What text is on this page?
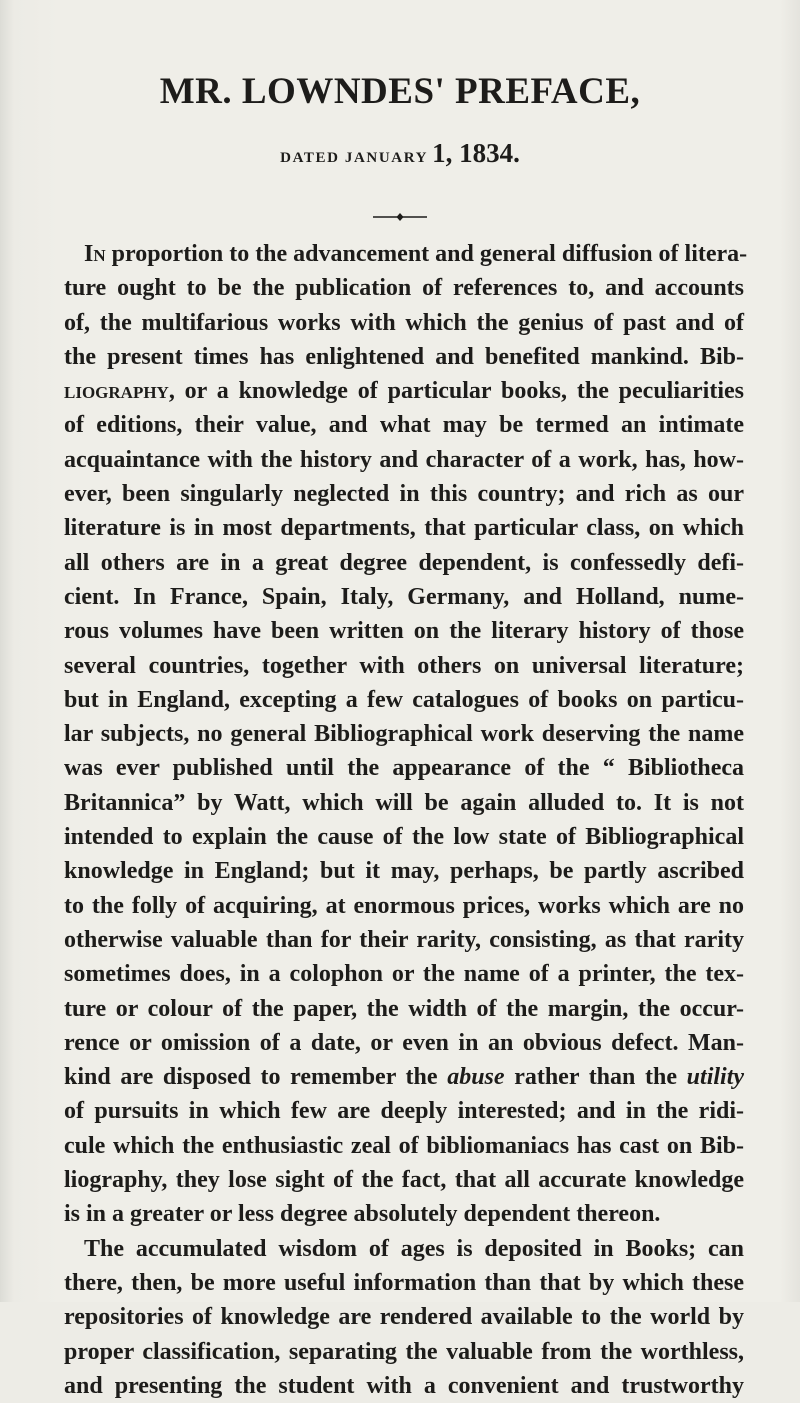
MR. LOWNDES' PREFACE,

DATED JANUARY 1, 1834.

In proportion to the advancement and general diffusion of litera-
ture ought to be the publication of references to, and accounts
of, the multifarious works with which the genius of past and of
the present times has enlightened and benefited mankind. Bib-
liography, or a knowledge of particular books, the peculiarities
of editions, their value, and what may be termed an intimate
acquaintance with the history and character of a work, has, how-
ever, been singularly neglected in this country; and rich as our
literature is in most departments, that particular class, on which
all others are in a great degree dependent, is confessedly defi-
cient. In France, Spain, Italy, Germany, and Holland, nume-
rous volumes have been written on the literary history of those
several countries, together with others on universal literature;
but in England, excepting a few catalogues of books on particu-
lar subjects, no general Bibliographical work deserving the name
was ever published until the appearance of the “ Bibliotheca
Britannica” by Watt, which will be again alluded to. It is not
intended to explain the cause of the low state of Bibliographical
knowledge in England; but it may, perhaps, be partly ascribed
to the folly of acquiring, at enormous prices, works which are no
otherwise valuable than for their rarity, consisting, as that rarity
sometimes does, in a colophon or the name of a printer, the tex-
ture or colour of the paper, the width of the margin, the occur-
rence or omission of a date, or even in an obvious defect. Man-
kind are disposed to remember the abuse rather than the utility
of pursuits in which few are deeply interested; and in the ridi-
cule which the enthusiastic zeal of bibliomaniacs has cast on Bib-
liography, they lose sight of the fact, that all accurate knowledge
is in a greater or less degree absolutely dependent thereon.
The accumulated wisdom of ages is deposited in Books; can
there, then, be more useful information than that by which these
repositories of knowledge are rendered available to the world by
proper classification, separating the valuable from the worthless,
and presenting the student with a convenient and trustworthy
